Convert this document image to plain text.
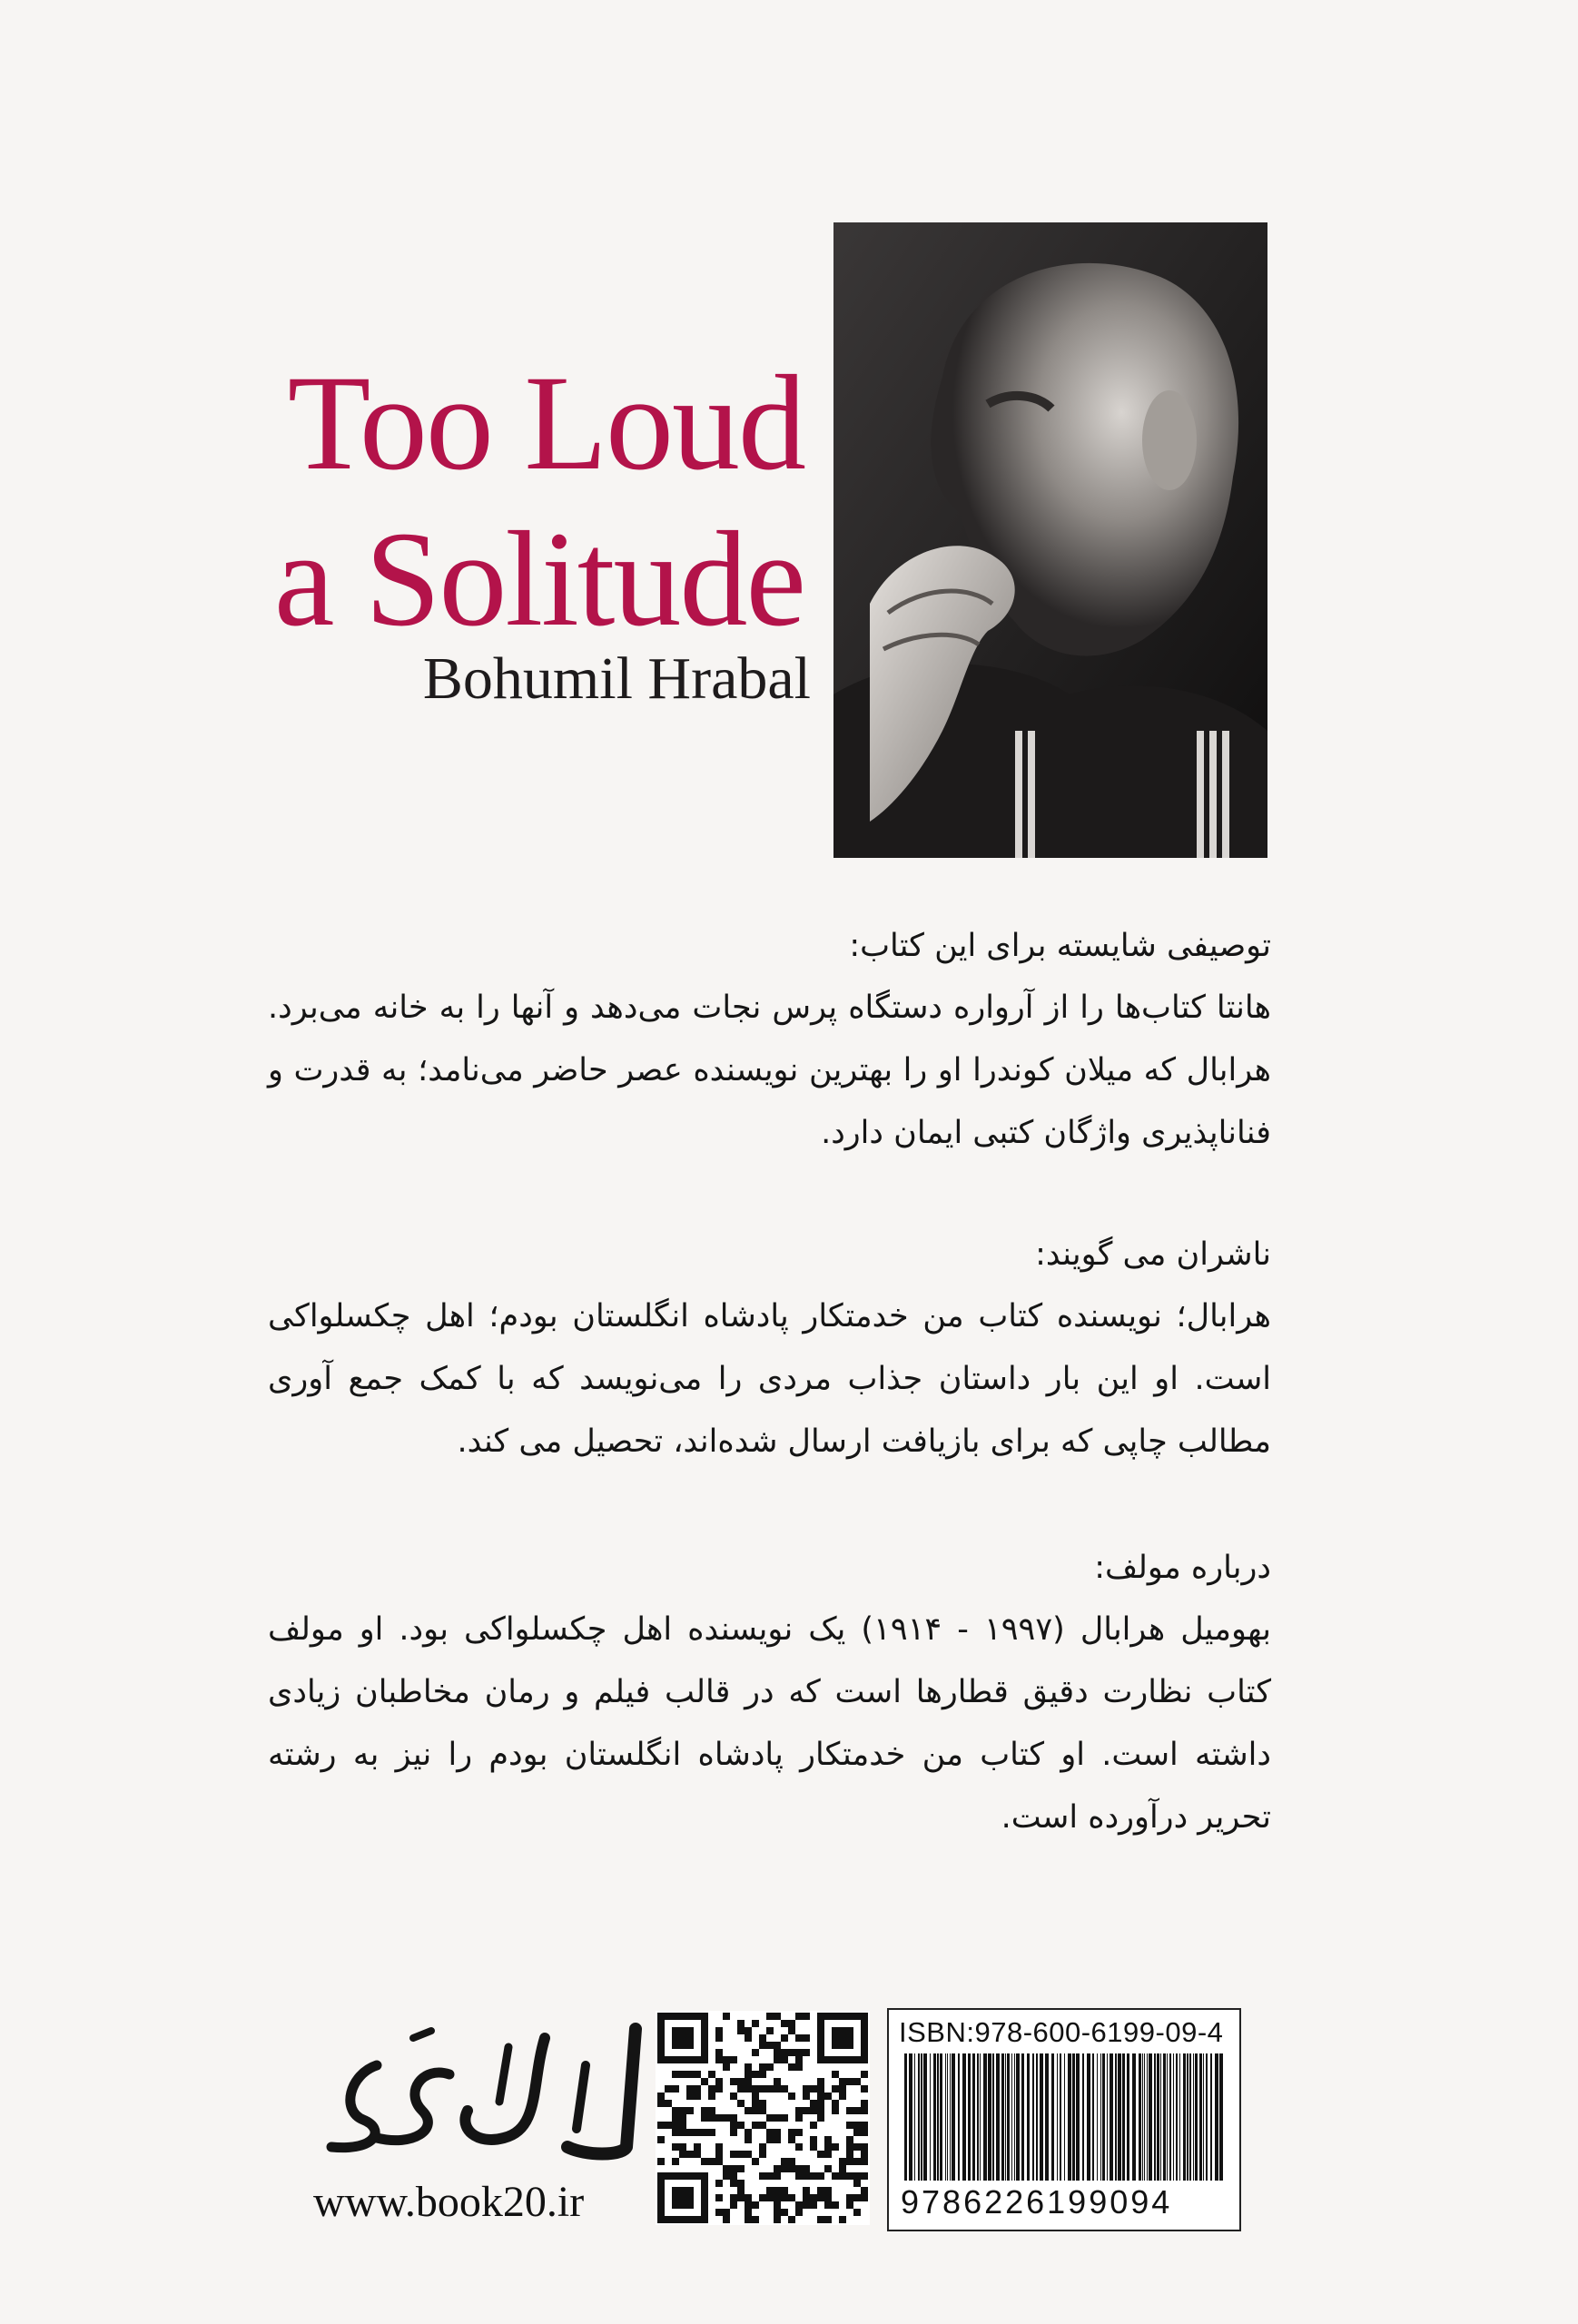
Too Loud
a Solitude
Bohumil Hrabal

توصیفی شایسته برای این کتاب:

هانتا کتاب‌ها را از آرواره دستگاه پرس نجات می‌دهد و آنها را به خانه می‌برد. هرابال که میلان کوندرا او را بهترین نویسنده عصر حاضر می‌نامد؛ به قدرت و فناناپذیری واژگان کتبی ایمان دارد.

ناشران می گویند:

هرابال؛ نویسنده کتاب من خدمتکار پادشاه انگلستان بودم؛ اهل چکسلواکی است. او این بار داستان جذاب مردی را می‌نویسد که با کمک جمع آوری مطالب چاپی که برای بازیافت ارسال شده‌اند، تحصیل می کند.

درباره مولف:

بهومیل هرابال (۱۹۹۷ - ۱۹۱۴) یک نویسنده اهل چکسلواکی بود. او مولف کتاب نظارت دقیق قطارها است که در قالب فیلم و رمان مخاطبان زیادی داشته است. او کتاب من خدمتکار پادشاه انگلستان بودم را نیز به رشته تحریر درآورده است.

www.book20.ir
ISBN:978-600-6199-09-4
9786226199094
